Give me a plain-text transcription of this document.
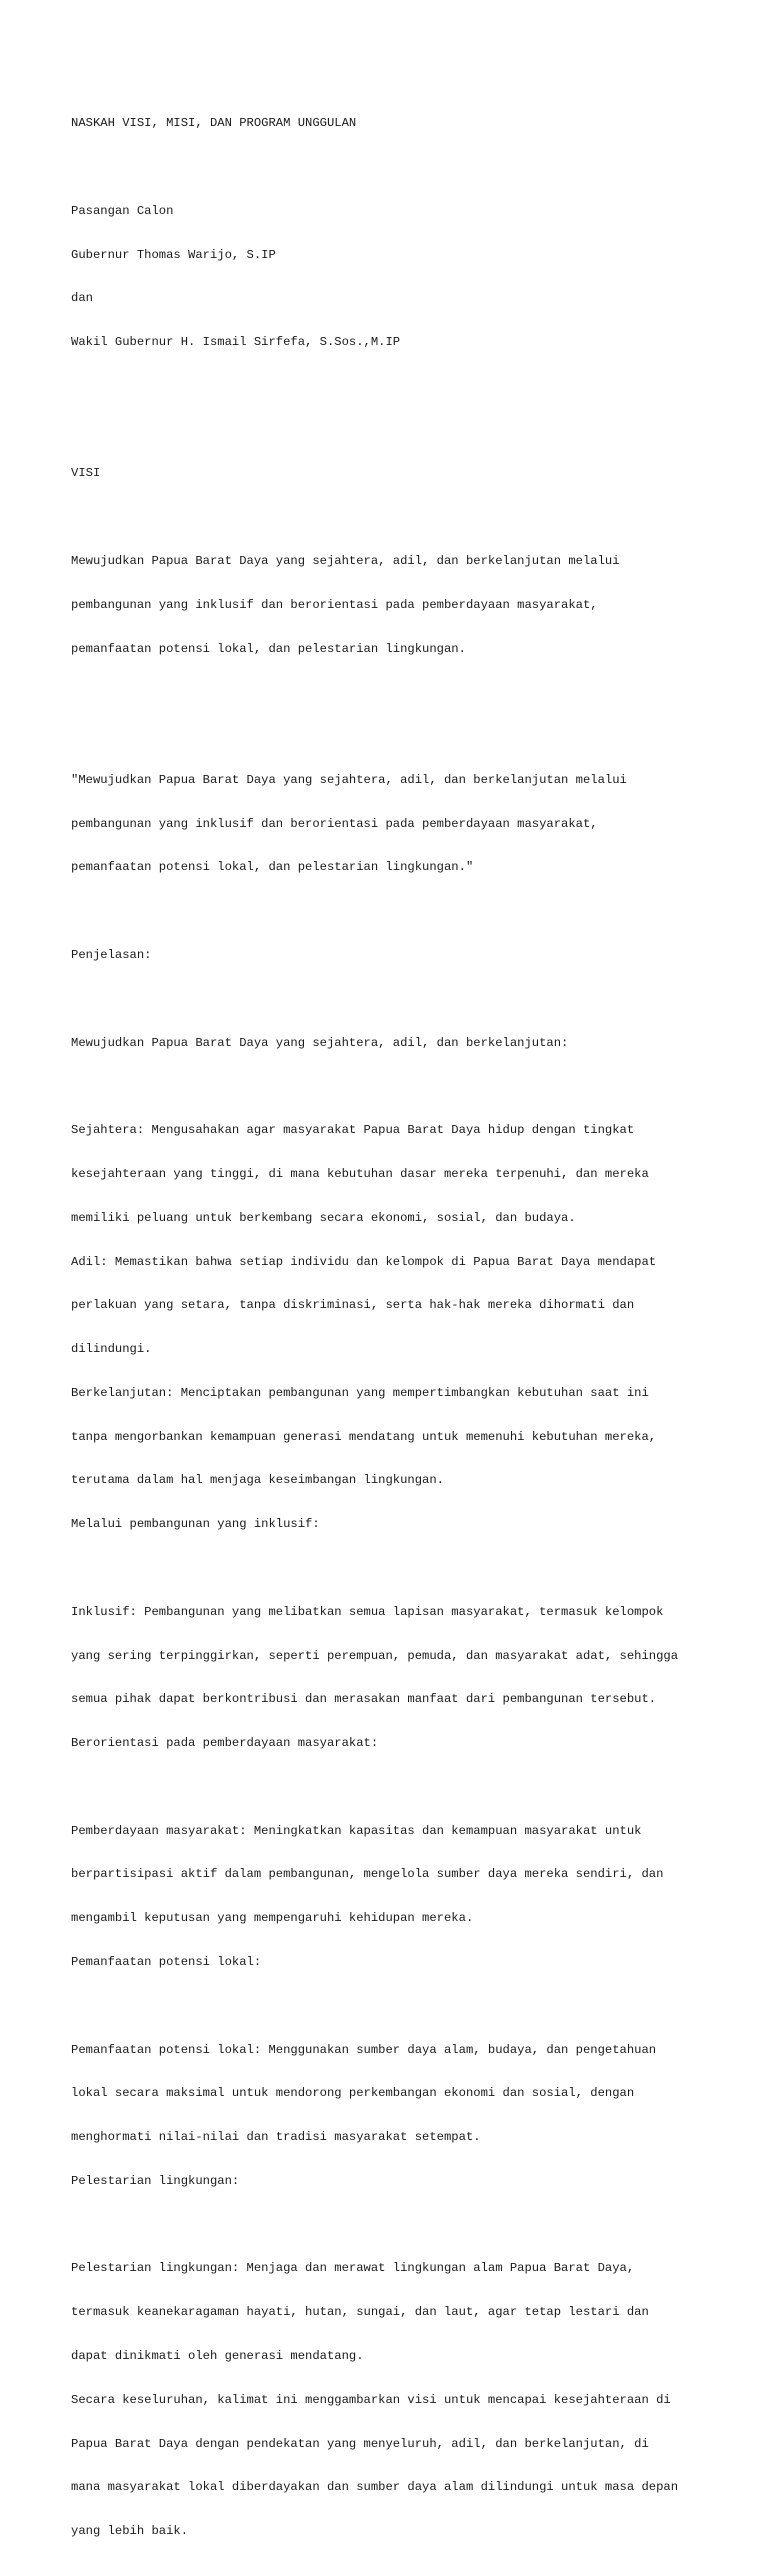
NASKAH VISI, MISI, DAN PROGRAM UNGGULAN

Pasangan Calon

Gubernur Thomas Warijo, S.IP

dan

Wakil Gubernur H. Ismail Sirfefa, S.Sos.,M.IP

VISI

Mewujudkan Papua Barat Daya yang sejahtera, adil, dan berkelanjutan melalui

pembangunan yang inklusif dan berorientasi pada pemberdayaan masyarakat,

pemanfaatan potensi lokal, dan pelestarian lingkungan.

"Mewujudkan Papua Barat Daya yang sejahtera, adil, dan berkelanjutan melalui

pembangunan yang inklusif dan berorientasi pada pemberdayaan masyarakat,

pemanfaatan potensi lokal, dan pelestarian lingkungan."

Penjelasan:

Mewujudkan Papua Barat Daya yang sejahtera, adil, dan berkelanjutan:

Sejahtera: Mengusahakan agar masyarakat Papua Barat Daya hidup dengan tingkat

kesejahteraan yang tinggi, di mana kebutuhan dasar mereka terpenuhi, dan mereka

memiliki peluang untuk berkembang secara ekonomi, sosial, dan budaya.

Adil: Memastikan bahwa setiap individu dan kelompok di Papua Barat Daya mendapat

perlakuan yang setara, tanpa diskriminasi, serta hak-hak mereka dihormati dan

dilindungi.

Berkelanjutan: Menciptakan pembangunan yang mempertimbangkan kebutuhan saat ini

tanpa mengorbankan kemampuan generasi mendatang untuk memenuhi kebutuhan mereka,

terutama dalam hal menjaga keseimbangan lingkungan.

Melalui pembangunan yang inklusif:

Inklusif: Pembangunan yang melibatkan semua lapisan masyarakat, termasuk kelompok

yang sering terpinggirkan, seperti perempuan, pemuda, dan masyarakat adat, sehingga

semua pihak dapat berkontribusi dan merasakan manfaat dari pembangunan tersebut.

Berorientasi pada pemberdayaan masyarakat:

Pemberdayaan masyarakat: Meningkatkan kapasitas dan kemampuan masyarakat untuk

berpartisipasi aktif dalam pembangunan, mengelola sumber daya mereka sendiri, dan

mengambil keputusan yang mempengaruhi kehidupan mereka.

Pemanfaatan potensi lokal:

Pemanfaatan potensi lokal: Menggunakan sumber daya alam, budaya, dan pengetahuan

lokal secara maksimal untuk mendorong perkembangan ekonomi dan sosial, dengan

menghormati nilai-nilai dan tradisi masyarakat setempat.

Pelestarian lingkungan:

Pelestarian lingkungan: Menjaga dan merawat lingkungan alam Papua Barat Daya,

termasuk keanekaragaman hayati, hutan, sungai, dan laut, agar tetap lestari dan

dapat dinikmati oleh generasi mendatang.

Secara keseluruhan, kalimat ini menggambarkan visi untuk mencapai kesejahteraan di

Papua Barat Daya dengan pendekatan yang menyeluruh, adil, dan berkelanjutan, di

mana masyarakat lokal diberdayakan dan sumber daya alam dilindungi untuk masa depan

yang lebih baik.
